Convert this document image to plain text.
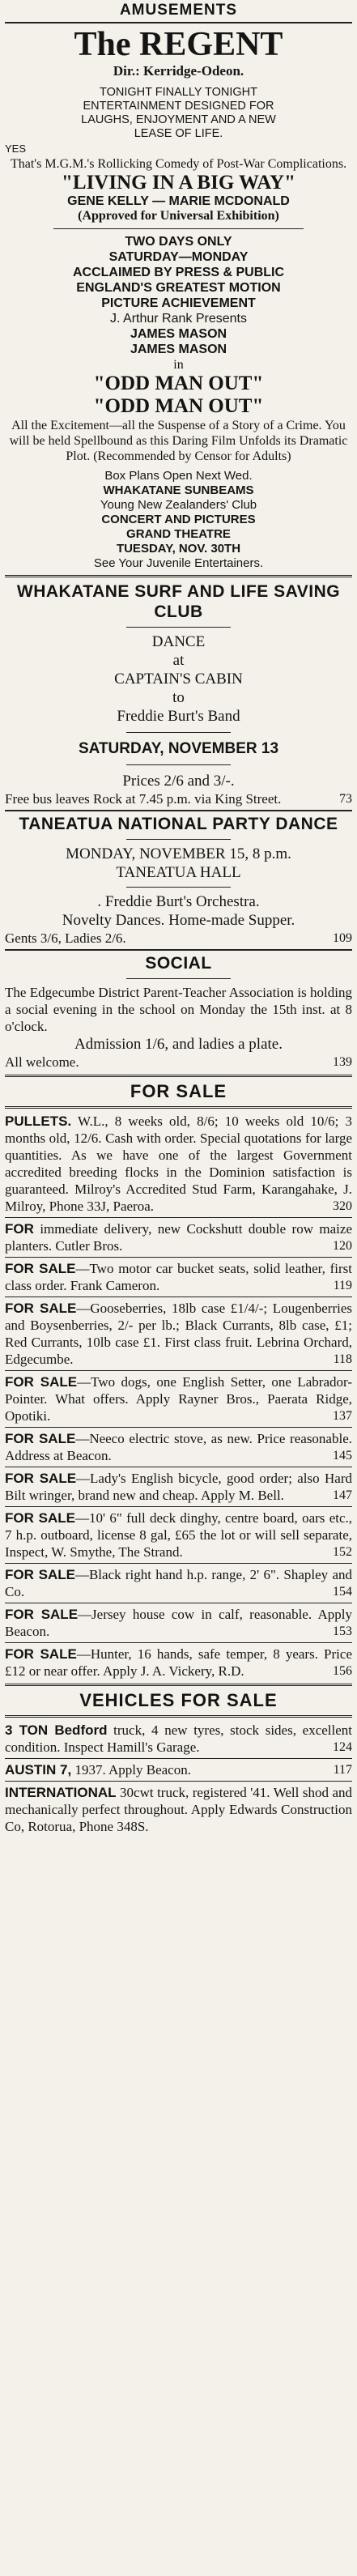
AMUSEMENTS
The REGENT
Dir.: Kerridge-Odeon.
TONIGHT FINALLY TONIGHT
ENTERTAINMENT DESIGNED FOR
LAUGHS, ENJOYMENT AND A NEW
LEASE OF LIFE.
YES
That's M.G.M.'s Rollicking Comedy of Post-War Complications.
"LIVING IN A BIG WAY"
GENE KELLY — MARIE MCDONALD
(Approved for Universal Exhibition)
TWO DAYS ONLY
SATURDAY—MONDAY
ACCLAIMED BY PRESS & PUBLIC
ENGLAND'S GREATEST MOTION
PICTURE ACHIEVEMENT
J. Arthur Rank Presents
JAMES MASON
JAMES MASON
in
"ODD MAN OUT"
"ODD MAN OUT"
All the Excitement—all the Suspense of a Story of a Crime. You will be held Spellbound as this Daring Film Unfolds its Dramatic Plot. (Recommended by Censor for Adults)
Box Plans Open Next Wed.
WHAKATANE SUNBEAMS
Young New Zealanders' Club
CONCERT AND PICTURES
GRAND THEATRE
TUESDAY, NOV. 30TH
See Your Juvenile Entertainers.
WHAKATANE SURF AND LIFE SAVING CLUB
DANCE
at
CAPTAIN'S CABIN
to
Freddie Burt's Band
SATURDAY, NOVEMBER 13
Prices 2/6 and 3/-.
Free bus leaves Rock at 7.45 p.m. via King Street.	73
TANEATUA NATIONAL PARTY DANCE
MONDAY, NOVEMBER 15, 8 p.m.
TANEATUA HALL
. Freddie Burt's Orchestra.
Novelty Dances. Home-made Supper.
Gents 3/6, Ladies 2/6.	109
SOCIAL
The Edgecumbe District Parent-Teacher Association is holding a social evening in the school on Monday the 15th inst. at 8 o'clock.
Admission 1/6, and ladies a plate.
All welcome.	139
FOR SALE
PULLETS. W.L., 8 weeks old, 8/6; 10 weeks old 10/6; 3 months old, 12/6. Cash with order. Special quotations for large quantities. As we have one of the largest Government accredited breeding flocks in the Dominion satisfaction is guaranteed. Milroy's Accredited Stud Farm, Karangahake, J. Milroy, Phone 33J, Paeroa.	320
FOR immediate delivery, new Cockshutt double row maize planters. Cutler Bros.	120
FOR SALE—Two motor car bucket seats, solid leather, first class order. Frank Cameron.	119
FOR SALE—Gooseberries, 18lb case £1/4/-; Lougenberries and Boysenberries, 2/- per lb.; Black Currants, 8lb case, £1; Red Currants, 10lb case £1. First class fruit. Lebrina Orchard, Edgecumbe.	118
FOR SALE—Two dogs, one English Setter, one Labrador-Pointer. What offers. Apply Rayner Bros., Paerata Ridge, Opotiki.	137
FOR SALE—Neeco electric stove, as new. Price reasonable. Address at Beacon.	145
FOR SALE—Lady's English bicycle, good order; also Hard Bilt wringer, brand new and cheap. Apply M. Bell.	147
FOR SALE—10' 6" full deck dinghy, centre board, oars etc., 7 h.p. outboard, license 8 gal, £65 the lot or will sell separate, Inspect, W. Smythe, The Strand.	152
FOR SALE—Black right hand h.p. range, 2' 6". Shapley and Co.	154
FOR SALE—Jersey house cow in calf, reasonable. Apply Beacon.	153
FOR SALE—Hunter, 16 hands, safe temper, 8 years. Price £12 or near offer. Apply J. A. Vickery, R.D.	156
VEHICLES FOR SALE
3 TON Bedford truck, 4 new tyres, stock sides, excellent condition. Inspect Hamill's Garage.	124
AUSTIN 7, 1937. Apply Beacon.	117
INTERNATIONAL 30cwt truck, registered '41. Well shod and mechanically perfect throughout. Apply Edwards Construction Co, Rotorua, Phone 348S.
